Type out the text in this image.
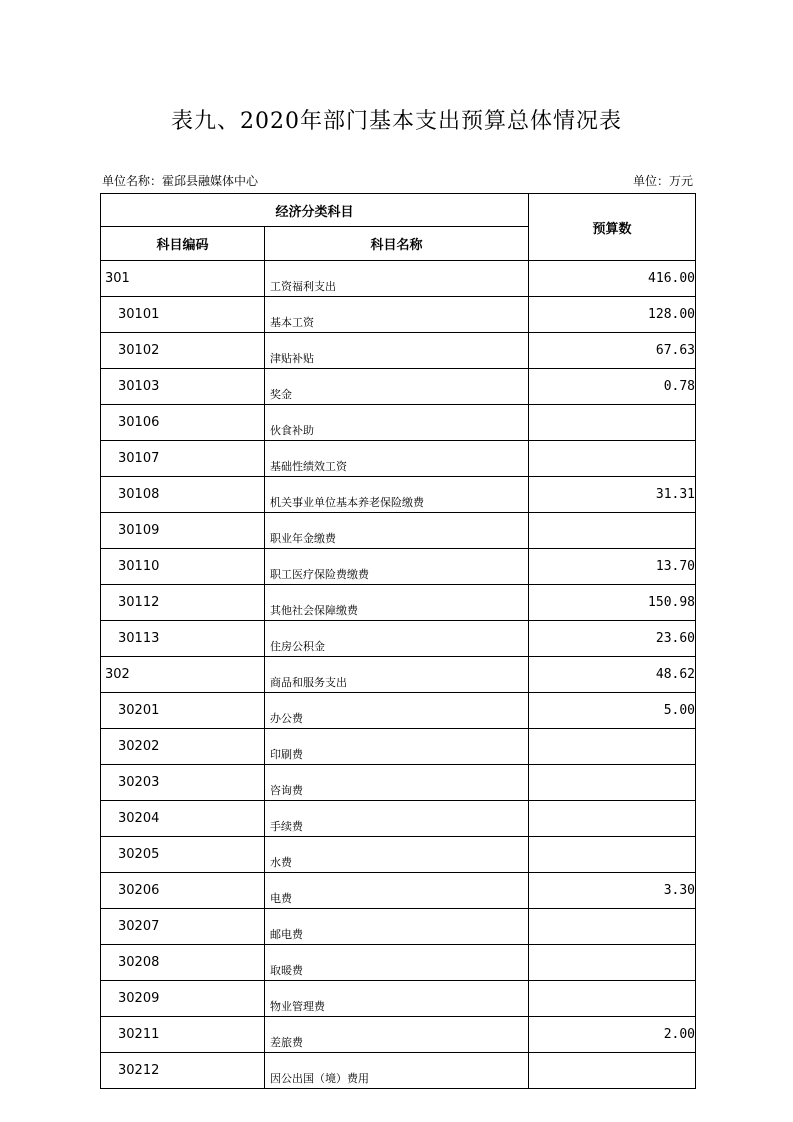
表九、2020年部门基本支出预算总体情况表
单位名称：霍邱县融媒体中心	单位：万元
经济分类科目		预算数
科目编码	科目名称	
301	工资福利支出	416.00
30101	基本工资	128.00
30102	津贴补贴	67.63
30103	奖金	0.78
30106	伙食补助	
30107	基础性绩效工资	
30108	机关事业单位基本养老保险缴费	31.31
30109	职业年金缴费	
30110	职工医疗保险费缴费	13.70
30112	其他社会保障缴费	150.98
30113	住房公积金	23.60
302	商品和服务支出	48.62
30201	办公费	5.00
30202	印刷费	
30203	咨询费	
30204	手续费	
30205	水费	
30206	电费	3.30
30207	邮电费	
30208	取暖费	
30209	物业管理费	
30211	差旅费	2.00
30212	因公出国（境）费用	
